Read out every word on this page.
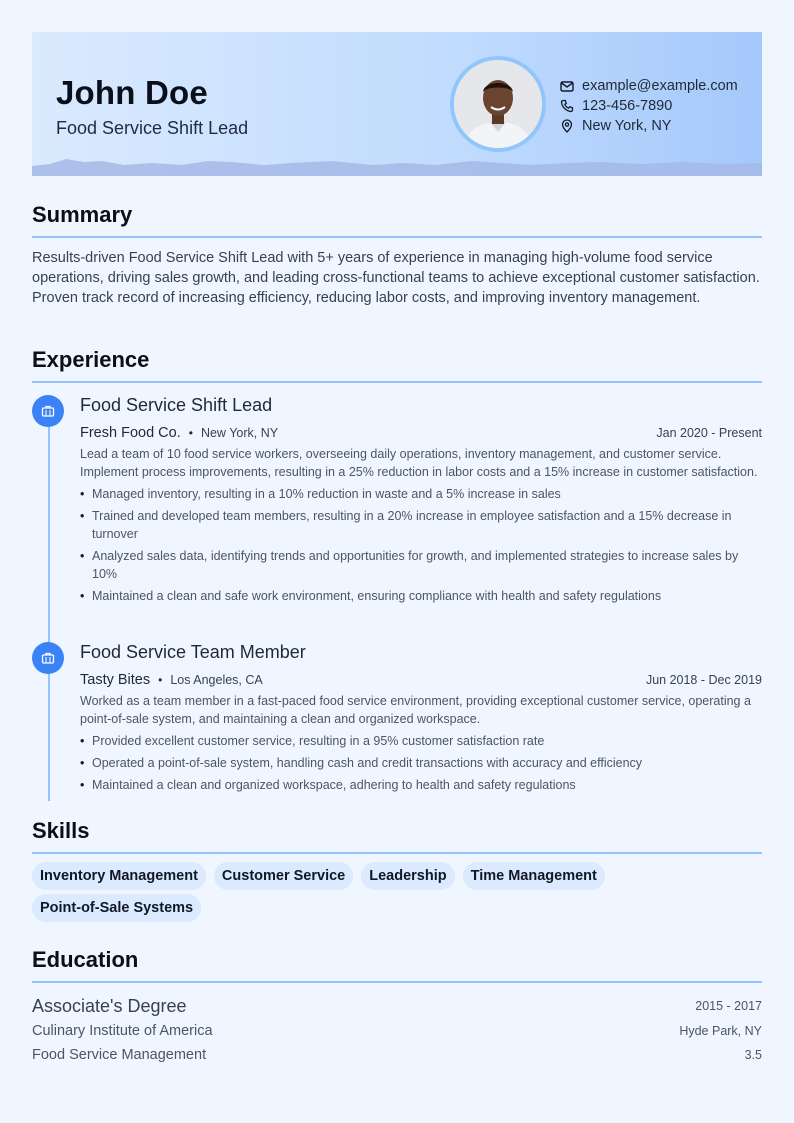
John Doe
Food Service Shift Lead
example@example.com
123-456-7890
New York, NY
Summary
Results-driven Food Service Shift Lead with 5+ years of experience in managing high-volume food service operations, driving sales growth, and leading cross-functional teams to achieve exceptional customer satisfaction. Proven track record of increasing efficiency, reducing labor costs, and improving inventory management.
Experience
Food Service Shift Lead
Fresh Food Co. • New York, NY	Jan 2020 - Present
Lead a team of 10 food service workers, overseeing daily operations, inventory management, and customer service. Implement process improvements, resulting in a 25% reduction in labor costs and a 15% increase in customer satisfaction.
• Managed inventory, resulting in a 10% reduction in waste and a 5% increase in sales
• Trained and developed team members, resulting in a 20% increase in employee satisfaction and a 15% decrease in turnover
• Analyzed sales data, identifying trends and opportunities for growth, and implemented strategies to increase sales by 10%
• Maintained a clean and safe work environment, ensuring compliance with health and safety regulations
Food Service Team Member
Tasty Bites • Los Angeles, CA	Jun 2018 - Dec 2019
Worked as a team member in a fast-paced food service environment, providing exceptional customer service, operating a point-of-sale system, and maintaining a clean and organized workspace.
• Provided excellent customer service, resulting in a 95% customer satisfaction rate
• Operated a point-of-sale system, handling cash and credit transactions with accuracy and efficiency
• Maintained a clean and organized workspace, adhering to health and safety regulations
Skills
Inventory Management	Customer Service	Leadership	Time Management
Point-of-Sale Systems
Education
Associate's Degree	2015 - 2017
Culinary Institute of America	Hyde Park, NY
Food Service Management	3.5
